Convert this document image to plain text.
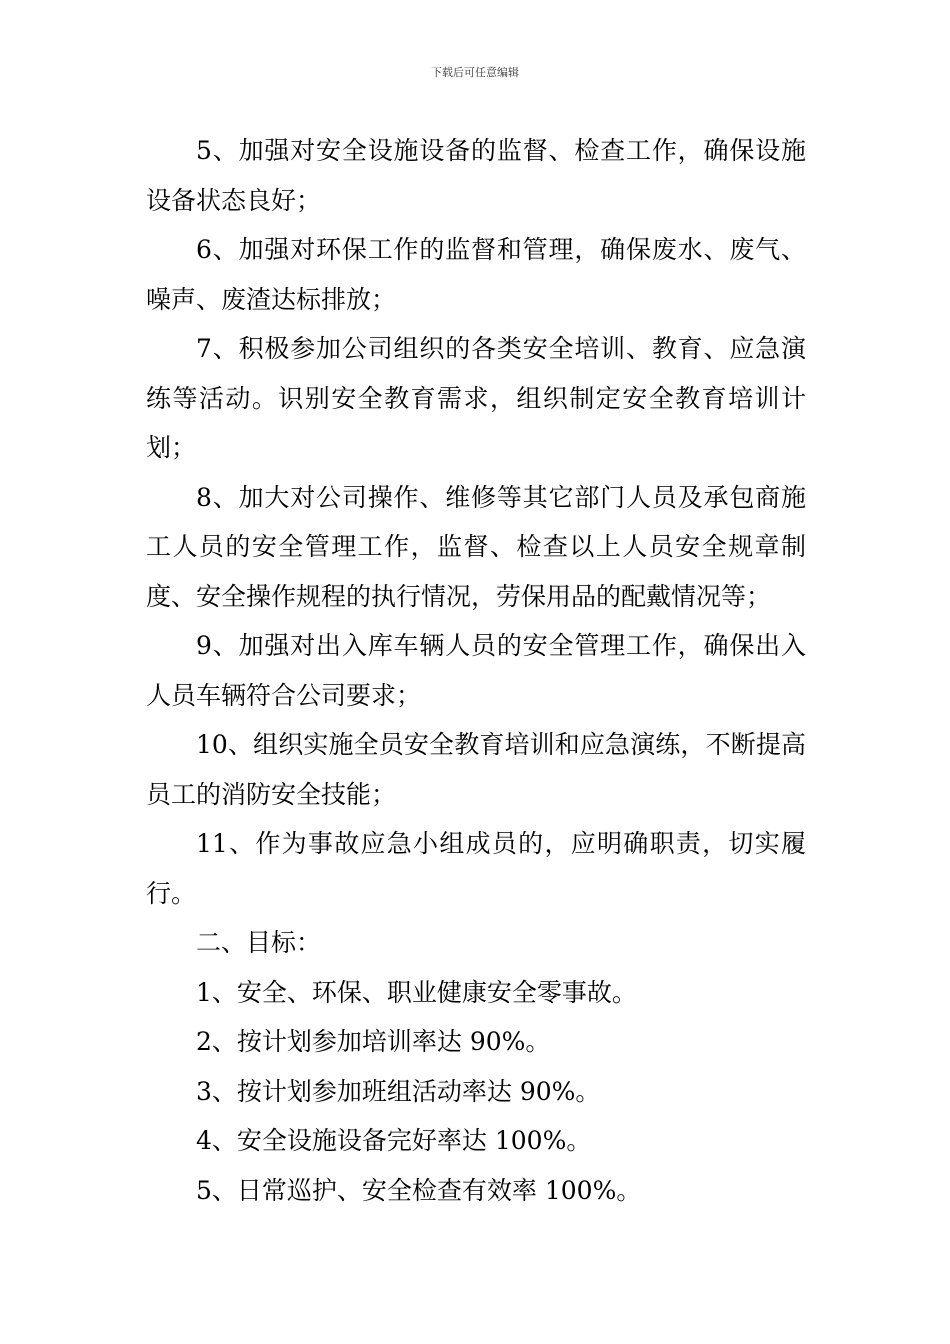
下载后可任意编辑

5、加强对安全设施设备的监督、检查工作，确保设施设备状态良好；

6、加强对环保工作的监督和管理，确保废水、废气、噪声、废渣达标排放；

7、积极参加公司组织的各类安全培训、教育、应急演练等活动。识别安全教育需求，组织制定安全教育培训计划；

8、加大对公司操作、维修等其它部门人员及承包商施工人员的安全管理工作，监督、检查以上人员安全规章制度、安全操作规程的执行情况，劳保用品的配戴情况等；

9、加强对出入库车辆人员的安全管理工作，确保出入人员车辆符合公司要求；

10、组织实施全员安全教育培训和应急演练，不断提高员工的消防安全技能；

11、作为事故应急小组成员的，应明确职责，切实履行。

二、目标：

1、安全、环保、职业健康安全零事故。

2、按计划参加培训率达 90%。

3、按计划参加班组活动率达 90%。

4、安全设施设备完好率达 100%。

5、日常巡护、安全检查有效率 100%。
